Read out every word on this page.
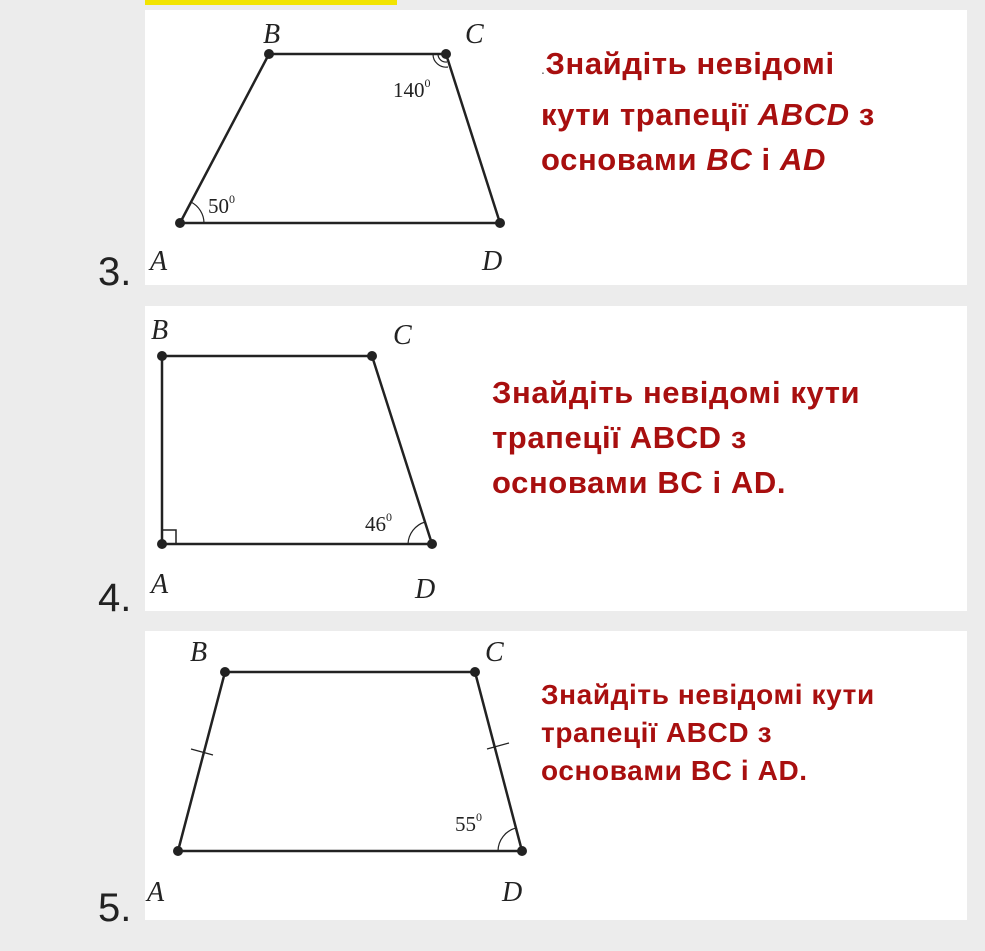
3.
B	C
A	D
$50^0$
$140^0$
.Знайдіть невідомі
кути трапеції ABCD з
основами BC і AD
4.
B	C
A	D
$46^0$
Знайдіть невідомі кути
трапеції ABCD з
основами BC і AD.
5.
B	C
A	D
$55^0$
Знайдіть невідомі кути
трапеції ABCD з
основами BC і AD.
